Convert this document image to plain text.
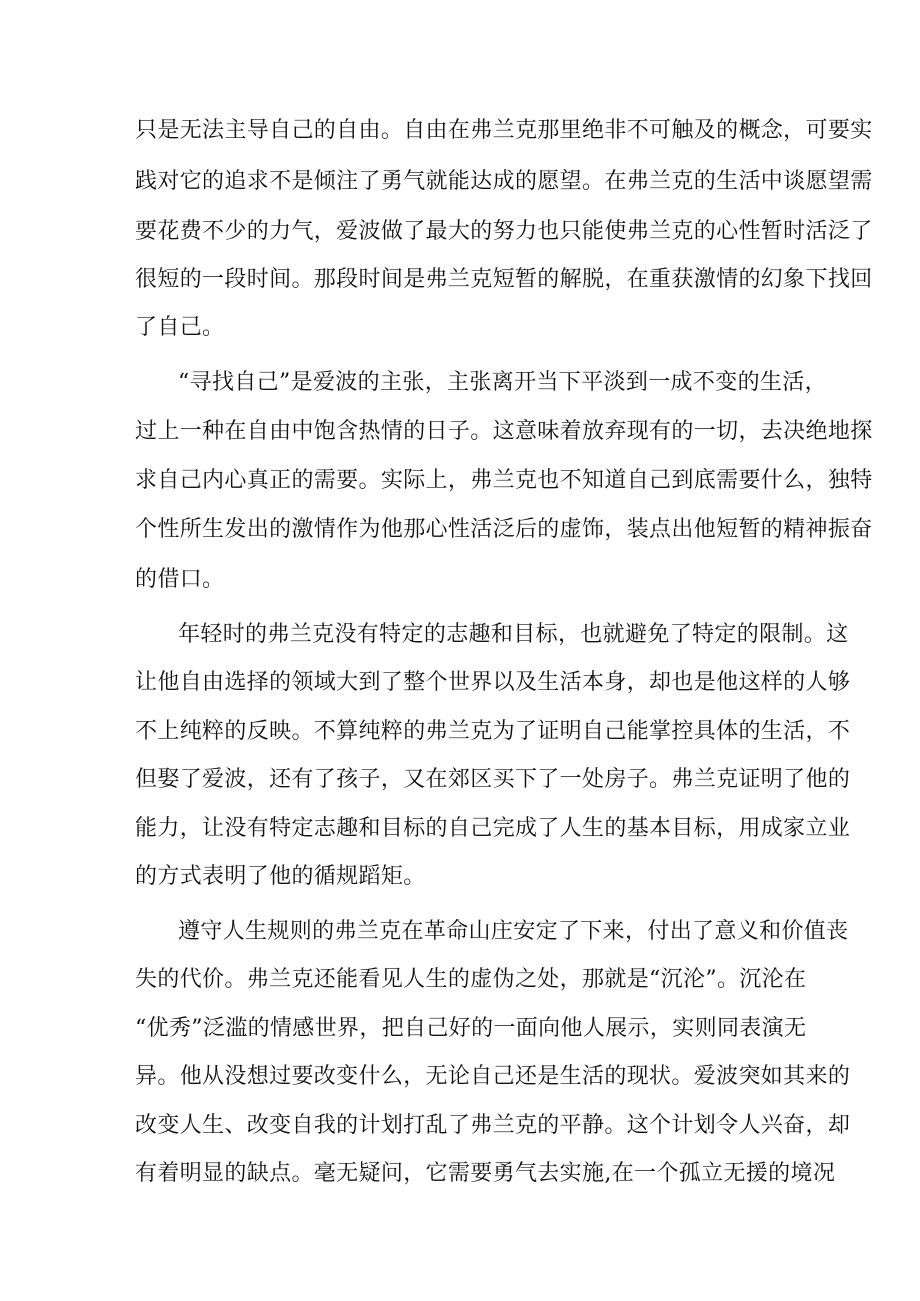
只是无法主导自己的自由。自由在弗兰克那里绝非不可触及的概念，可要实
践对它的追求不是倾注了勇气就能达成的愿望。在弗兰克的生活中谈愿望需
要花费不少的力气，爱波做了最大的努力也只能使弗兰克的心性暂时活泛了
很短的一段时间。那段时间是弗兰克短暂的解脱，在重获激情的幻象下找回
了自己。
“寻找自己”是爱波的主张，主张离开当下平淡到一成不变的生活，
过上一种在自由中饱含热情的日子。这意味着放弃现有的一切，去决绝地探
求自己内心真正的需要。实际上，弗兰克也不知道自己到底需要什么，独特
个性所生发出的激情作为他那心性活泛后的虚饰，装点出他短暂的精神振奋
的借口。
年轻时的弗兰克没有特定的志趣和目标，也就避免了特定的限制。这
让他自由选择的领域大到了整个世界以及生活本身，却也是他这样的人够
不上纯粹的反映。不算纯粹的弗兰克为了证明自己能掌控具体的生活，不
但娶了爱波，还有了孩子，又在郊区买下了一处房子。弗兰克证明了他的
能力，让没有特定志趣和目标的自己完成了人生的基本目标，用成家立业
的方式表明了他的循规蹈矩。
遵守人生规则的弗兰克在革命山庄安定了下来，付出了意义和价值丧
失的代价。弗兰克还能看见人生的虚伪之处，那就是“沉沦”。沉沦在
“优秀”泛滥的情感世界，把自己好的一面向他人展示，实则同表演无
异。他从没想过要改变什么，无论自己还是生活的现状。爱波突如其来的
改变人生、改变自我的计划打乱了弗兰克的平静。这个计划令人兴奋，却
有着明显的缺点。毫无疑问，它需要勇气去实施,在一个孤立无援的境况
